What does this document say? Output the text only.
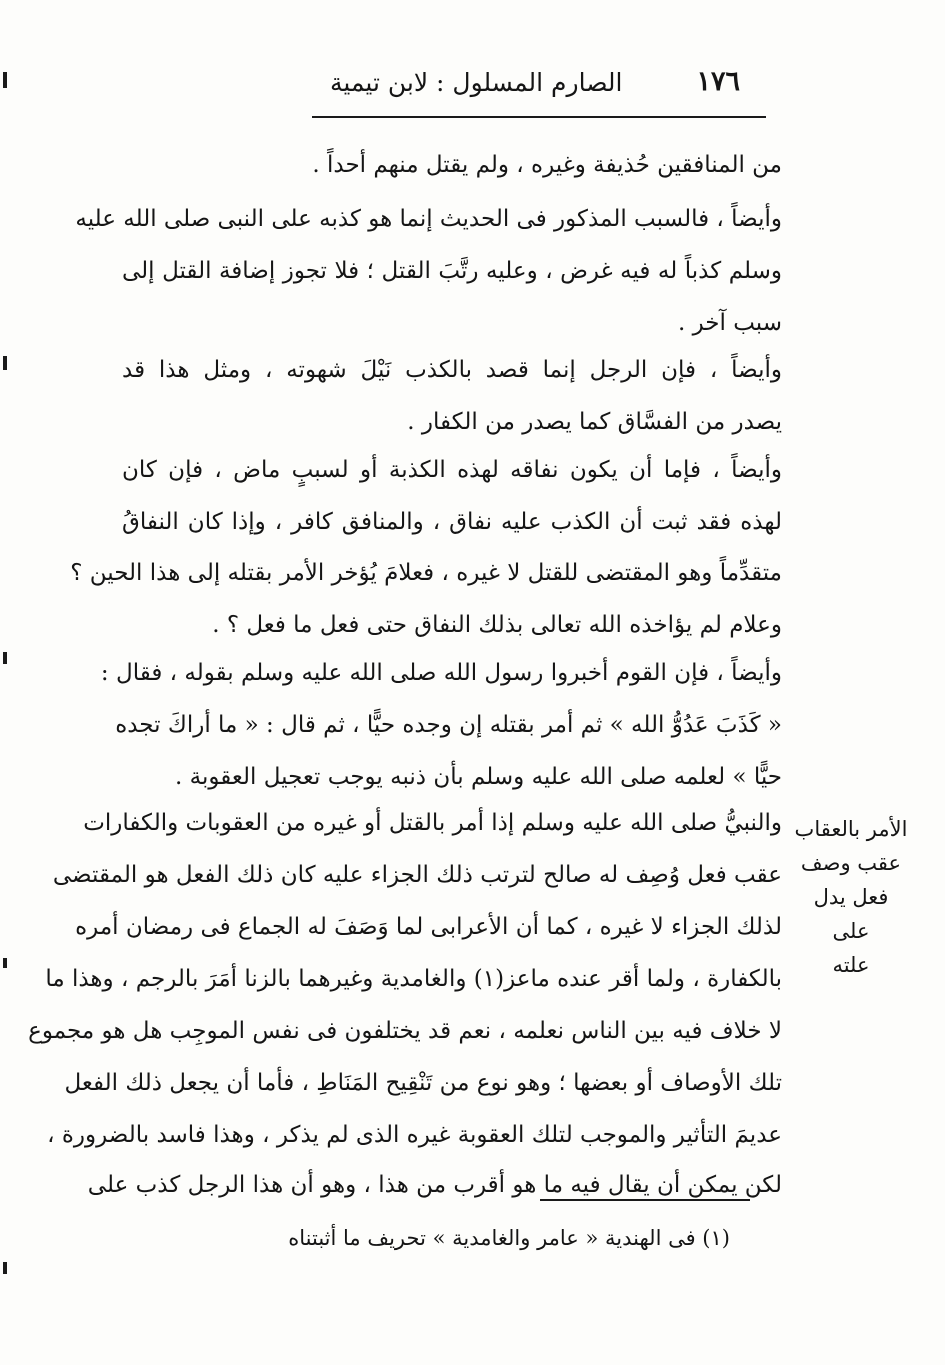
١٧٦
الصارم المسلول : لابن تيمية
من المنافقين حُذيفة وغيره ، ولم يقتل منهم أحداً .
وأيضاً ، فالسبب المذكور فى الحديث إنما هو كذبه على النبى صلى الله عليه
وسلم كذباً له فيه غرض ، وعليه رتَّبَ القتل ؛ فلا تجوز إضافة القتل إلى
سبب آخر .
وأيضاً ، فإن الرجل إنما قصد بالكذب نَيْلَ شهوته ، ومثل هذا قد
يصدر من الفسَّاق كما يصدر من الكفار .
وأيضاً ، فإما أن يكون نفاقه لهذه الكذبة أو لسببٍ ماض ، فإن كان
لهذه فقد ثبت أن الكذب عليه نفاق ، والمنافق كافر ، وإذا كان النفاقُ
متقدِّماً وهو المقتضى للقتل لا غيره ، فعلامَ يُؤخر الأمر بقتله إلى هذا الحين ؟
وعلام لم يؤاخذه الله تعالى بذلك النفاق حتى فعل ما فعل ؟ .
وأيضاً ، فإن القوم أخبروا رسول الله صلى الله عليه وسلم بقوله ، فقال :
« كَذَبَ عَدُوُّ الله » ثم أمر بقتله إن وجده حيًّا ، ثم قال : « ما أراكَ تجده
حيًّا » لعلمه صلى الله عليه وسلم بأن ذنبه يوجب تعجيل العقوبة .
والنبيُّ صلى الله عليه وسلم إذا أمر بالقتل أو غيره من العقوبات والكفارات
عقب فعل وُصِف له صالح لترتب ذلك الجزاء عليه كان ذلك الفعل هو المقتضى
لذلك الجزاء لا غيره ، كما أن الأعرابى لما وَصَفَ له الجماع فى رمضان أمره
بالكفارة ، ولما أقر عنده ماعز(١) والغامدية وغيرهما بالزنا أمَرَ بالرجم ، وهذا ما
لا خلاف فيه بين الناس نعلمه ، نعم قد يختلفون فى نفس الموجِب هل هو مجموع
تلك الأوصاف أو بعضها ؛ وهو نوع من تَنْقِيح المَنَاطِ ، فأما أن يجعل ذلك الفعل
عديمَ التأثير والموجب لتلك العقوبة غيره الذى لم يذكر ، وهذا فاسد بالضرورة ،
لكن يمكن أن يقال فيه ما هو أقرب من هذا ، وهو أن هذا الرجل كذب على
الأمر بالعقاب
عقب وصف
فعل يدل على
علته
(١) فى الهندية « عامر والغامدية » تحريف ما أثبتناه
